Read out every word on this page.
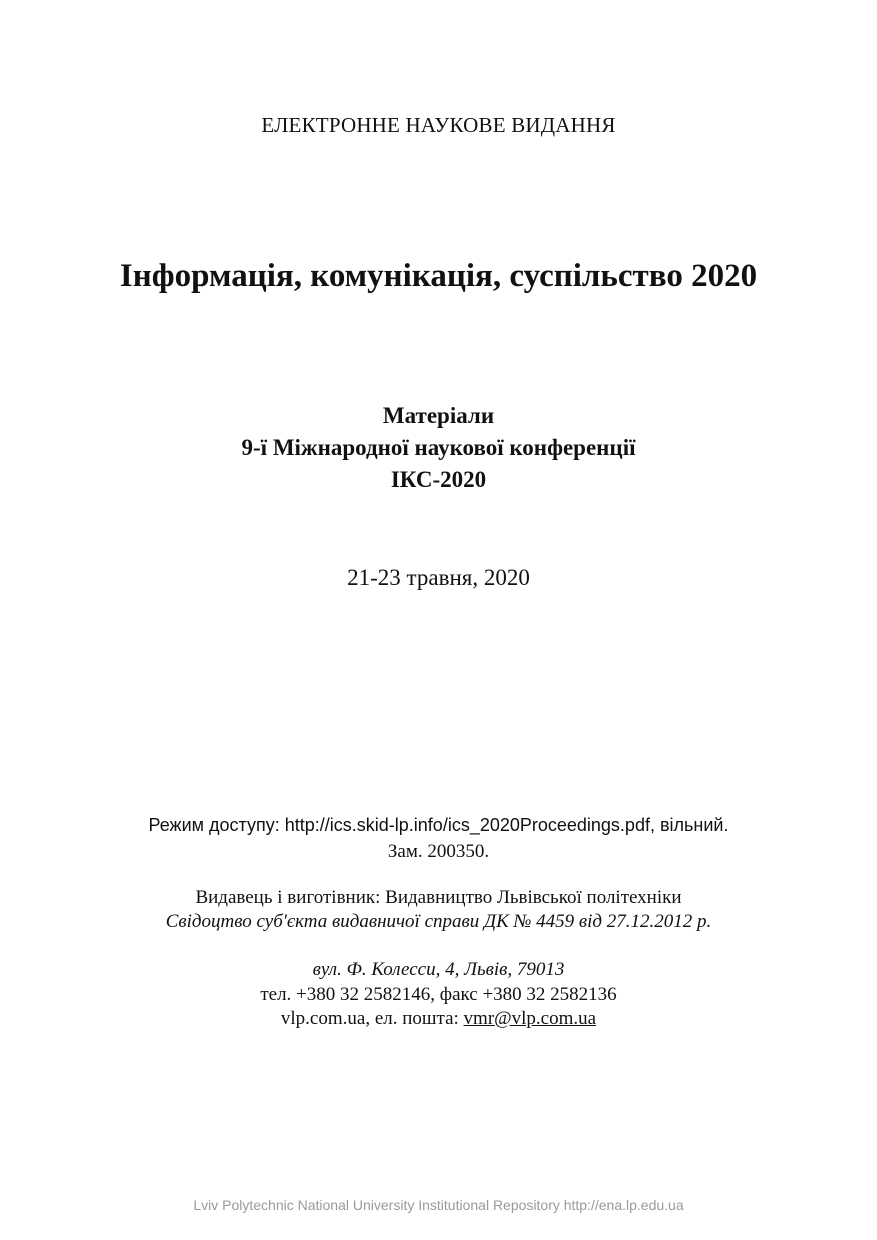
ЕЛЕКТРОННЕ НАУКОВЕ ВИДАННЯ
Інформація, комунікація, суспільство 2020
Матеріали
9-ї Міжнародної наукової конференції
ІКС-2020
21-23 травня, 2020
Режим доступу: http://ics.skid-lp.info/ics_2020Proceedings.pdf, вільний.
Зам. 200350.
Видавець і виготівник: Видавництво Львівської політехніки
Свідоцтво суб'єкта видавничої справи ДК № 4459 від 27.12.2012 р.
вул. Ф. Колесси, 4, Львів, 79013
тел. +380 32 2582146, факс +380 32 2582136
vlp.com.ua, ел. пошта: vmr@vlp.com.ua
Lviv Polytechnic National University Institutional Repository http://ena.lp.edu.ua
